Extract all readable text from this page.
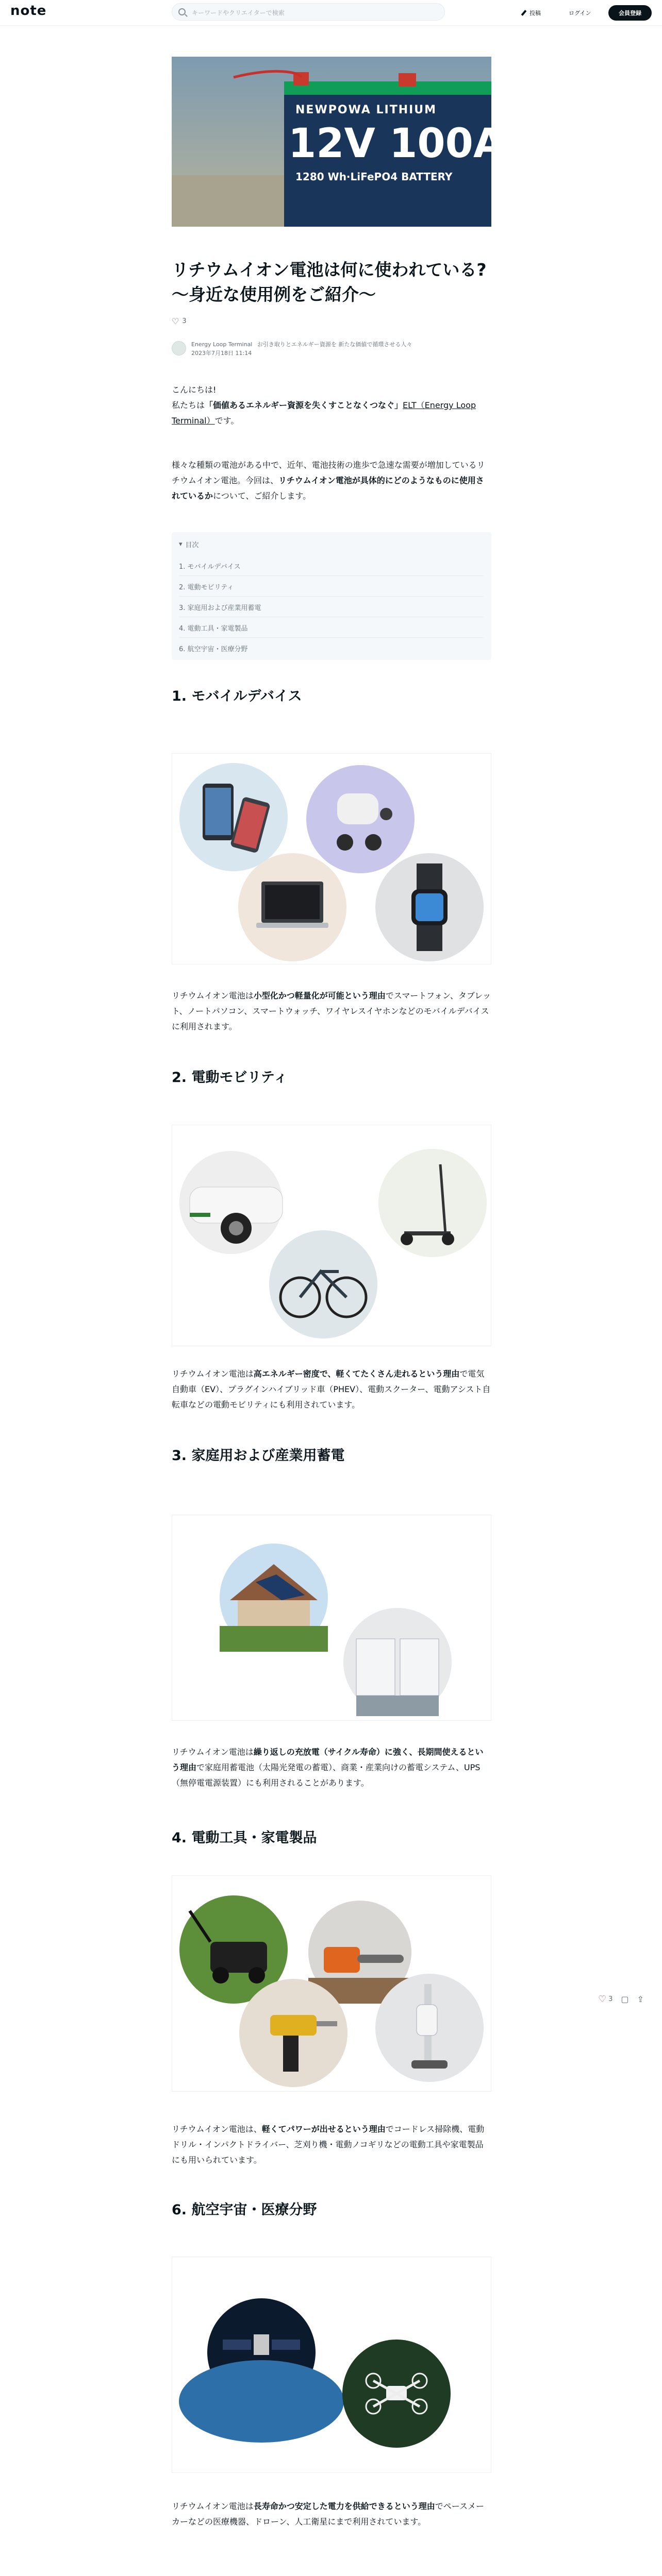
note	キーワードやクリエイターで検索	投稿	ログイン	会員登録
NEWPOWA LITHIUM
12V 100Ah
1280 Wh·LiFePO4 BATTERY
リチウムイオン電池は何に使われている?
〜身近な使用例をご紹介〜
♡ 3
Energy Loop Terminal お引き取りとエネルギー資源を 新たな価値で循環させる人々
2023年7月18日 11:14
こんにちは!
私たちは「価値あるエネルギー資源を失くすことなくつなぐ」ELT（Energy Loop Terminal）です。
様々な種類の電池がある中で、近年、電池技術の進歩で急速な需要が増加しているリチウムイオン電池。今回は、リチウムイオン電池が具体的にどのようなものに使用されているかについて、ご紹介します。
▾ 目次
1. モバイルデバイス
2. 電動モビリティ
3. 家庭用および産業用蓄電
4. 電動工具・家電製品
6. 航空宇宙・医療分野
1. モバイルデバイス
リチウムイオン電池は小型化かつ軽量化が可能という理由でスマートフォン、タブレット、ノートパソコン、スマートウォッチ、ワイヤレスイヤホンなどのモバイルデバイスに利用されます。
2. 電動モビリティ
リチウムイオン電池は高エネルギー密度で、軽くてたくさん走れるという理由で電気自動車（EV）、プラグインハイブリッド車（PHEV）、電動スクーター、電動アシスト自転車などの電動モビリティにも利用されています。
3. 家庭用および産業用蓄電
リチウムイオン電池は繰り返しの充放電（サイクル寿命）に強く、長期間使えるという理由で家庭用蓄電池（太陽光発電の蓄電）、商業・産業向けの蓄電システム、UPS（無停電電源装置）にも利用されることがあります。
4. 電動工具・家電製品
リチウムイオン電池は、軽くてパワーが出せるという理由でコードレス掃除機、電動ドリル・インパクトドライバー、芝刈り機・電動ノコギリなどの電動工具や家電製品にも用いられています。
6. 航空宇宙・医療分野
リチウムイオン電池は長寿命かつ安定した電力を供給できるという理由でペースメーカーなどの医療機器、ドローン、人工衛星にまで利用されています。
♡ 3 ▢ ⇪
